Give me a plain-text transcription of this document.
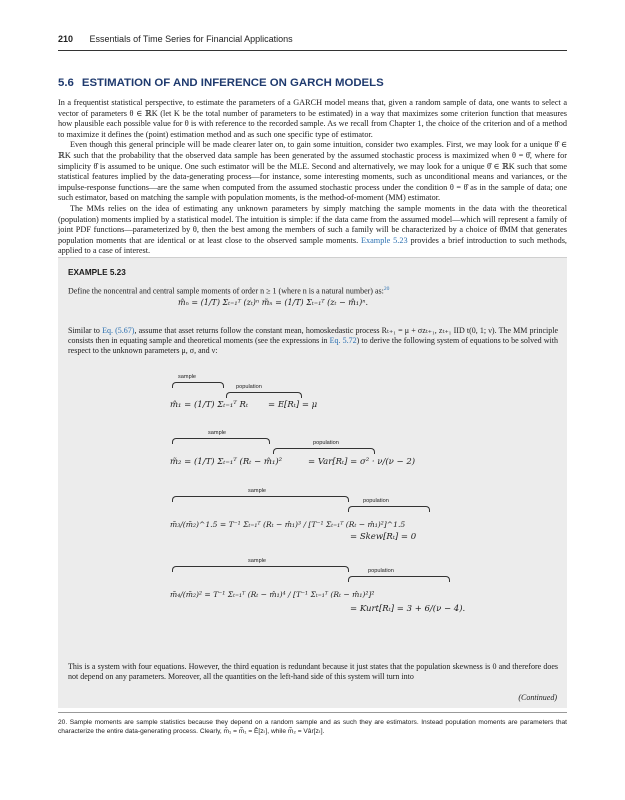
210 Essentials of Time Series for Financial Applications
5.6 ESTIMATION OF AND INFERENCE ON GARCH MODELS

In a frequentist statistical perspective, to estimate the parameters of a GARCH model means that, given a random sample of data, one wants to select a vector of parameters θ ∈ ℝK (let K be the total number of parameters to be estimated) in a way that maximizes some criterion function that measures how plausible each possible value for θ is with reference to the recorded sample. As we recall from Chapter 1, the choice of the criterion and of a method to maximize it defines the (point) estimation method and as such one specific type of estimator.

Even though this general principle will be made clearer later on, to gain some intuition, consider two examples. First, we may look for a unique θ̂ ∈ ℝK such that the probability that the observed data sample has been generated by the assumed stochastic process is maximized when θ = θ̂, where for simplicity θ̂ is assumed to be unique. One such estimator will be the MLE. Second and alternatively, we may look for a unique θ̂ ∈ ℝK such that some statistical features implied by the data-generating process—for instance, some interesting moments, such as unconditional means and variances, or the impulse-response functions—are the same when computed from the assumed stochastic process under the condition θ = θ̂ as in the sample of data; one such estimator, based on matching the sample with population moments, is the method-of-moment (MM) estimator.

The MMs relies on the idea of estimating any unknown parameters by simply matching the sample moments in the data with the theoretical (population) moments implied by a statistical model. The intuition is simple: if the data came from the assumed model—which will represent a family of joint PDF functions—parameterized by θ, then the best among the members of such a family will be characterized by a choice of θ̂MM that generates population moments that are identical or at least close to the observed sample moments. Example 5.23 provides a brief introduction to such methods, applied to a case of interest.

EXAMPLE 5.23
Define the noncentral and central sample moments of order n ≥ 1 (where n is a natural number) as:$^{20}$
m̂ₙ = (1/T) Σₜ₌₁ᵀ (zₜ)ⁿ m̃ₙ = (1/T) Σₜ₌₁ᵀ (zₜ − m̂₁)ⁿ.
Similar to Eq. (5.67), assume that asset returns follow the constant mean, homoskedastic process Rₜ₊₁ = μ + σzₜ₊₁, zₜ₊₁ IID t(0, 1; ν). The MM principle consists then in equating sample and theoretical moments (see the expressions in Eq. 5.72) to derive the following system of equations to be solved with respect to the unknown parameters μ, σ, and ν:
sample
population
m̂₁ = (1/T) Σₜ₌₁ᵀ Rₜ = E[Rₜ] = μ
sample
population
m̃₂ = (1/T) Σₜ₌₁ᵀ (Rₜ − m̂₁)²	= Var[Rₜ] = σ² · ν/(ν − 2)
sample
population
m̃₃/(m̃₂)^1.5 = T⁻¹ Σₜ₌₁ᵀ (Rₜ − m̂₁)³ / [T⁻¹ Σₜ₌₁ᵀ (Rₜ − m̂₁)²]^1.5
= Skew[Rₜ] = 0
sample
population
m̃₄/(m̃₂)² = T⁻¹ Σₜ₌₁ᵀ (Rₜ − m̂₁)⁴ / [T⁻¹ Σₜ₌₁ᵀ (Rₜ − m̂₁)²]²
= Kurt[Rₜ] = 3 + 6/(ν − 4).
This is a system with four equations. However, the third equation is redundant because it just states that the population skewness is 0 and therefore does not depend on any parameters. Moreover, all the quantities on the left-hand side of this system will turn into
(Continued)
20. Sample moments are sample statistics because they depend on a random sample and as such they are estimators. Instead population moments are parameters that characterize the entire data-generating process. Clearly, m̂₁ = m̃₁ = Ê[zₜ], while m̃₂ = Vâr[zₜ].
